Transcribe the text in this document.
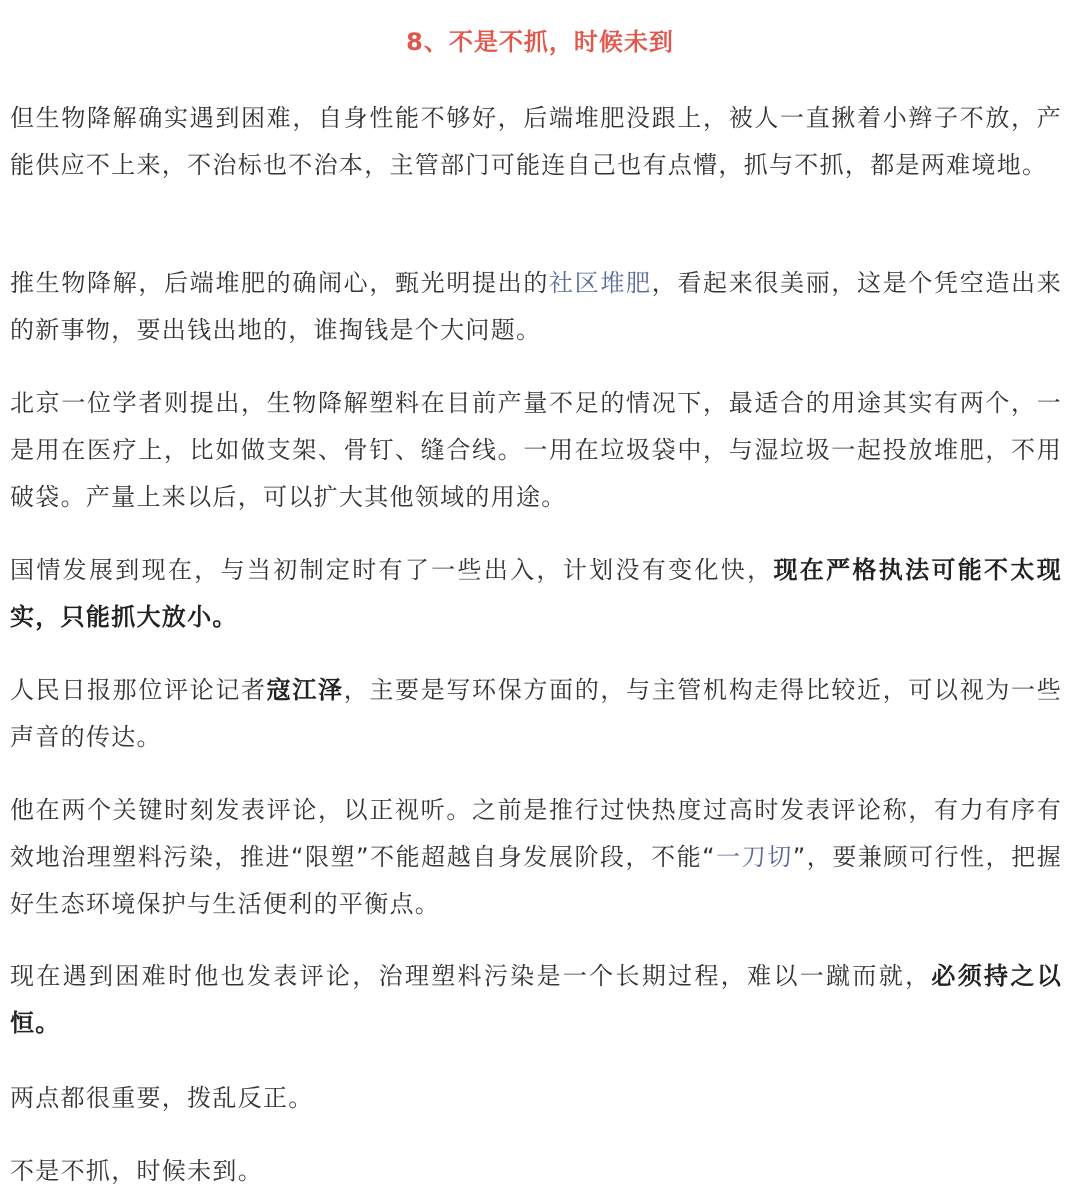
8、不是不抓，时候未到

但生物降解确实遇到困难，自身性能不够好，后端堆肥没跟上，被人一直揪着小辫子不放，产能供应不上来，不治标也不治本，主管部门可能连自己也有点懵，抓与不抓，都是两难境地。

推生物降解，后端堆肥的确闹心，甄光明提出的社区堆肥，看起来很美丽，这是个凭空造出来的新事物，要出钱出地的，谁掏钱是个大问题。

北京一位学者则提出，生物降解塑料在目前产量不足的情况下，最适合的用途其实有两个，一是用在医疗上，比如做支架、骨钉、缝合线。一用在垃圾袋中，与湿垃圾一起投放堆肥，不用破袋。产量上来以后，可以扩大其他领域的用途。

国情发展到现在，与当初制定时有了一些出入，计划没有变化快，现在严格执法可能不太现实，只能抓大放小。

人民日报那位评论记者寇江泽，主要是写环保方面的，与主管机构走得比较近，可以视为一些声音的传达。

他在两个关键时刻发表评论，以正视听。之前是推行过快热度过高时发表评论称，有力有序有效地治理塑料污染，推进“限塑”不能超越自身发展阶段，不能“一刀切”，要兼顾可行性，把握好生态环境保护与生活便利的平衡点。

现在遇到困难时他也发表评论，治理塑料污染是一个长期过程，难以一蹴而就，必须持之以恒。

两点都很重要，拨乱反正。

不是不抓，时候未到。
